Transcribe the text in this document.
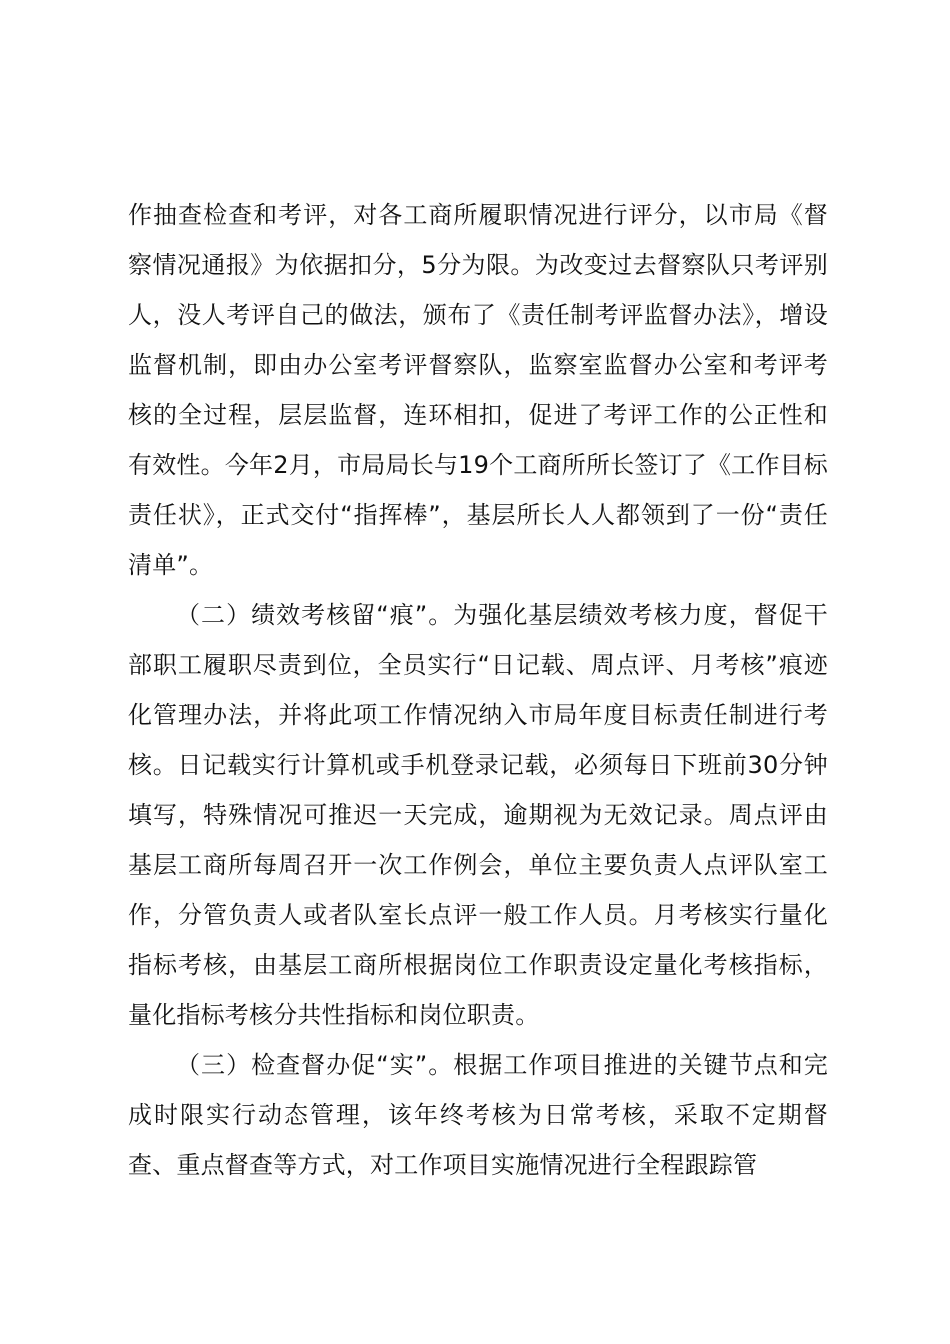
作抽查检查和考评，对各工商所履职情况进行评分，以市局《督察情况通报》为依据扣分，5分为限。为改变过去督察队只考评别人，没人考评自己的做法，颁布了《责任制考评监督办法》，增设监督机制，即由办公室考评督察队，监察室监督办公室和考评考核的全过程，层层监督，连环相扣，促进了考评工作的公正性和有效性。今年2月，市局局长与19个工商所所长签订了《工作目标责任状》，正式交付“指挥棒”，基层所长人人都领到了一份“责任清单”。

（二）绩效考核留“痕”。为强化基层绩效考核力度，督促干部职工履职尽责到位，全员实行“日记载、周点评、月考核”痕迹化管理办法，并将此项工作情况纳入市局年度目标责任制进行考核。日记载实行计算机或手机登录记载，必须每日下班前30分钟填写，特殊情况可推迟一天完成，逾期视为无效记录。周点评由基层工商所每周召开一次工作例会，单位主要负责人点评队室工作，分管负责人或者队室长点评一般工作人员。月考核实行量化指标考核，由基层工商所根据岗位工作职责设定量化考核指标，量化指标考核分共性指标和岗位职责。

（三）检查督办促“实”。根据工作项目推进的关键节点和完成时限实行动态管理，该年终考核为日常考核，采取不定期督查、重点督查等方式，对工作项目实施情况进行全程跟踪管
